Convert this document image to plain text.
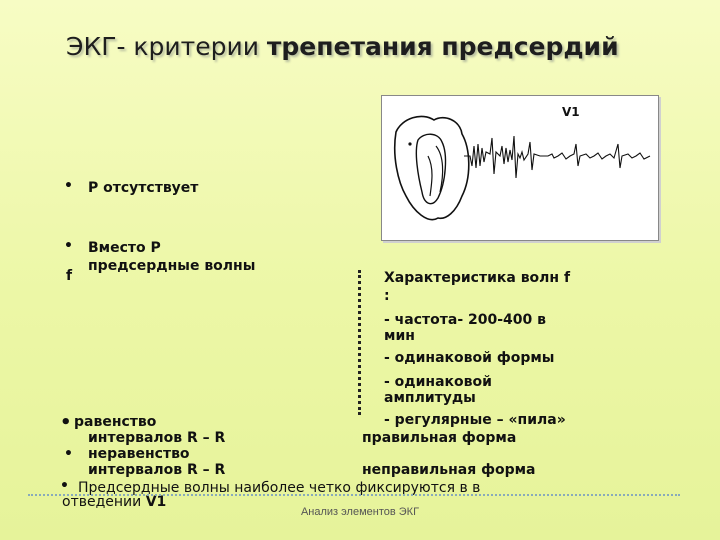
ЭКГ- критерии трепетания предсердий
• Р отсутствует
• Вместо Р
предсердные волны
f
V1
Характеристика волн f
:
- частота- 200-400 в
мин
- одинаковой формы
- одинаковой
амплитуды
- регулярные – «пила»
• равенство
интервалов R – R	правильная форма
• неравенство
интервалов R – R	неправильная форма
• Предсердные волны наиболее четко фиксируются в в
отведении V1
Анализ элементов ЭКГ
